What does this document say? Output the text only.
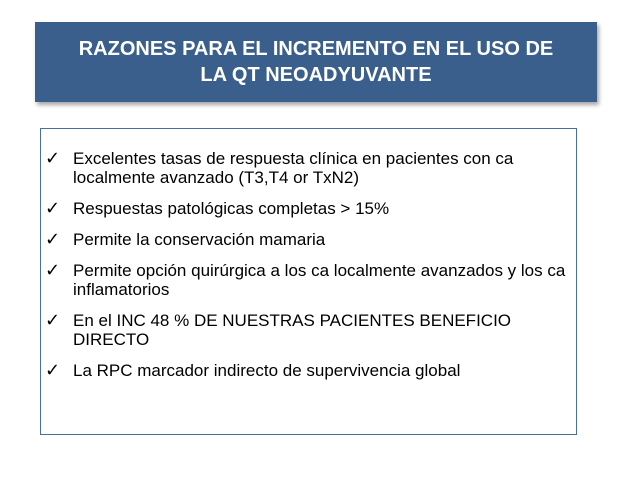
RAZONES PARA EL INCREMENTO EN EL USO DE
LA QT NEOADYUVANTE
✓ Excelentes tasas de respuesta clínica en pacientes con ca localmente avanzado (T3,T4 or TxN2)
✓ Respuestas patológicas completas > 15%
✓ Permite la conservación mamaria
✓ Permite opción quirúrgica a los ca localmente avanzados y los ca inflamatorios
✓ En el INC 48 % DE NUESTRAS PACIENTES BENEFICIO DIRECTO
✓ La RPC marcador indirecto de supervivencia global
